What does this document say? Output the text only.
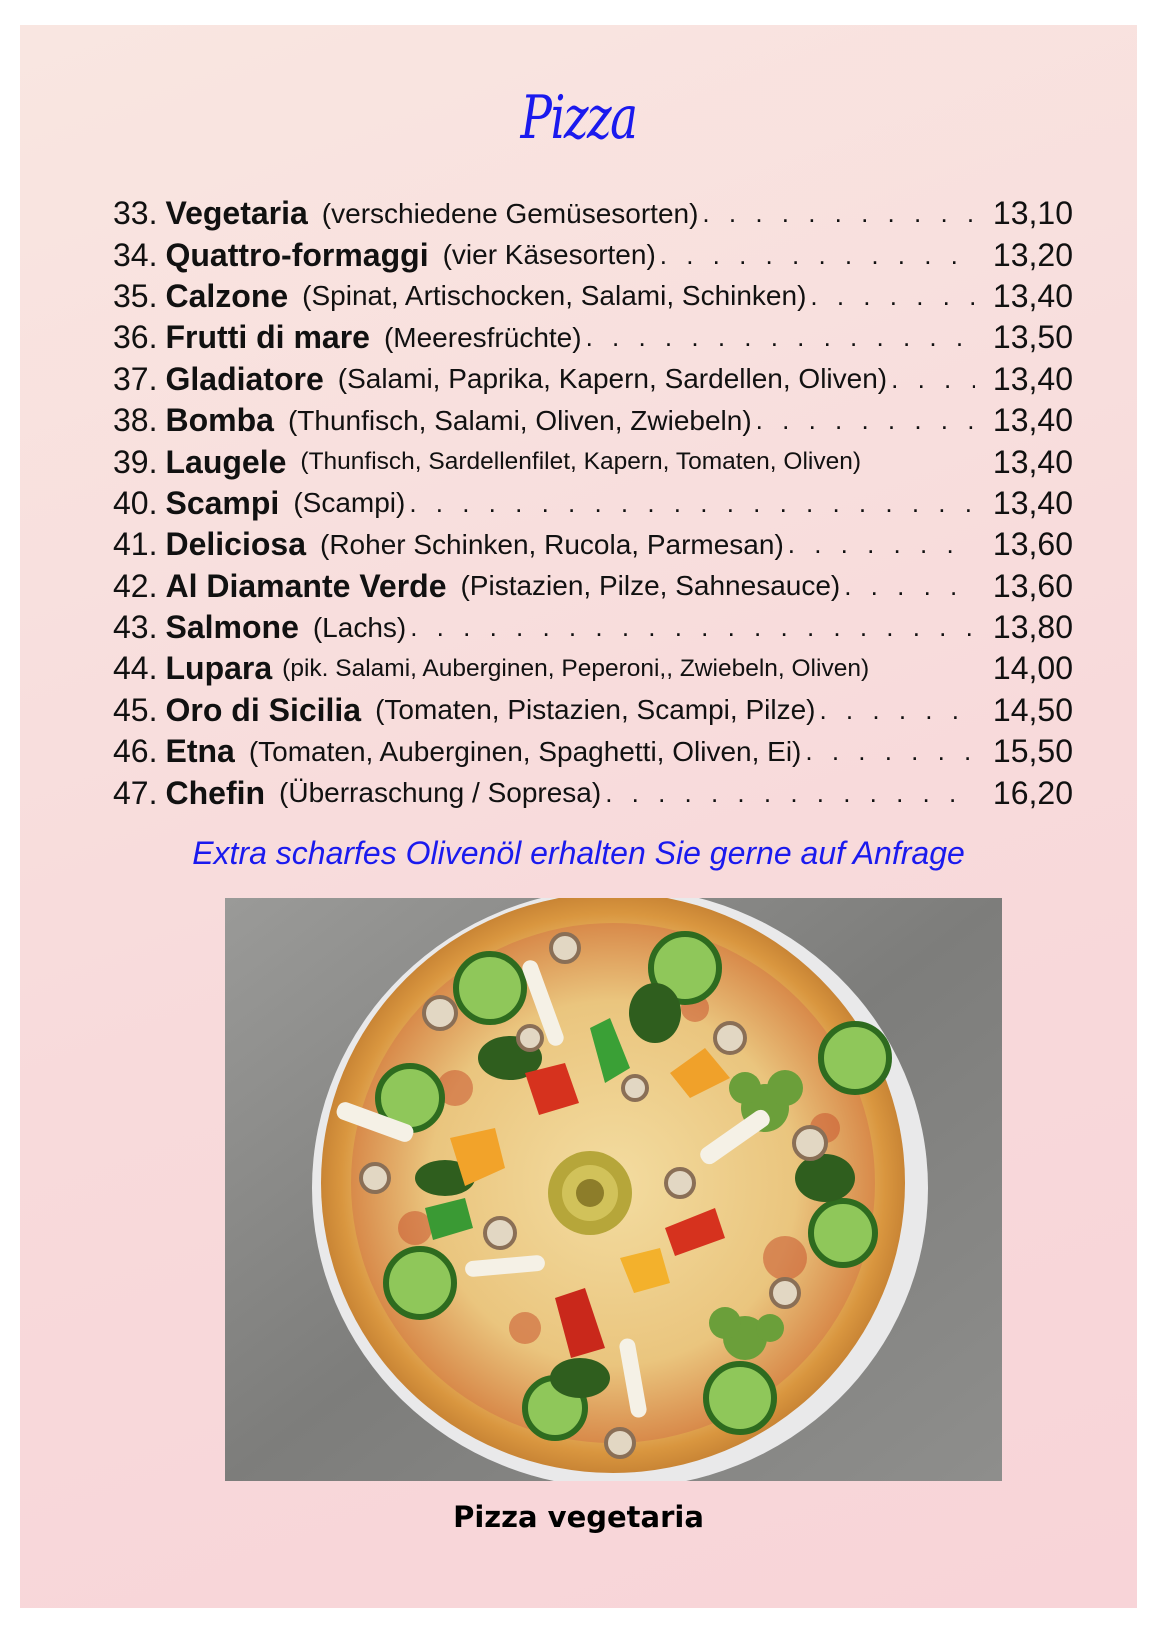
Pizza
33. Vegetaria (verschiedene Gemüsesorten) . . .	13,10
34. Quattro-formaggi (vier Käsesorten) . . .	13,20
35. Calzone (Spinat, Artischocken, Salami, Schinken) . . .	13,40
36. Frutti di mare (Meeresfrüchte) . . .	13,50
37. Gladiatore (Salami, Paprika, Kapern, Sardellen, Oliven) . . .	13,40
38. Bomba (Thunfisch, Salami, Oliven, Zwiebeln) . . .	13,40
39. Laugele (Thunfisch, Sardellenfilet, Kapern, Tomaten, Oliven)	13,40
40. Scampi (Scampi) . . .	13,40
41. Deliciosa (Roher Schinken, Rucola, Parmesan) . . .	13,60
42. Al Diamante Verde (Pistazien, Pilze, Sahnesauce) . . .	13,60
43. Salmone (Lachs) . . .	13,80
44. Lupara (pik. Salami, Auberginen, Peperoni,, Zwiebeln, Oliven)	14,00
45. Oro di Sicilia (Tomaten, Pistazien, Scampi, Pilze) . . .	14,50
46. Etna (Tomaten, Auberginen, Spaghetti, Oliven, Ei) . . .	15,50
47. Chefin (Überraschung / Sopresa) . . .	16,20
Extra scharfes Olivenöl erhalten Sie gerne auf Anfrage
Pizza vegetaria
